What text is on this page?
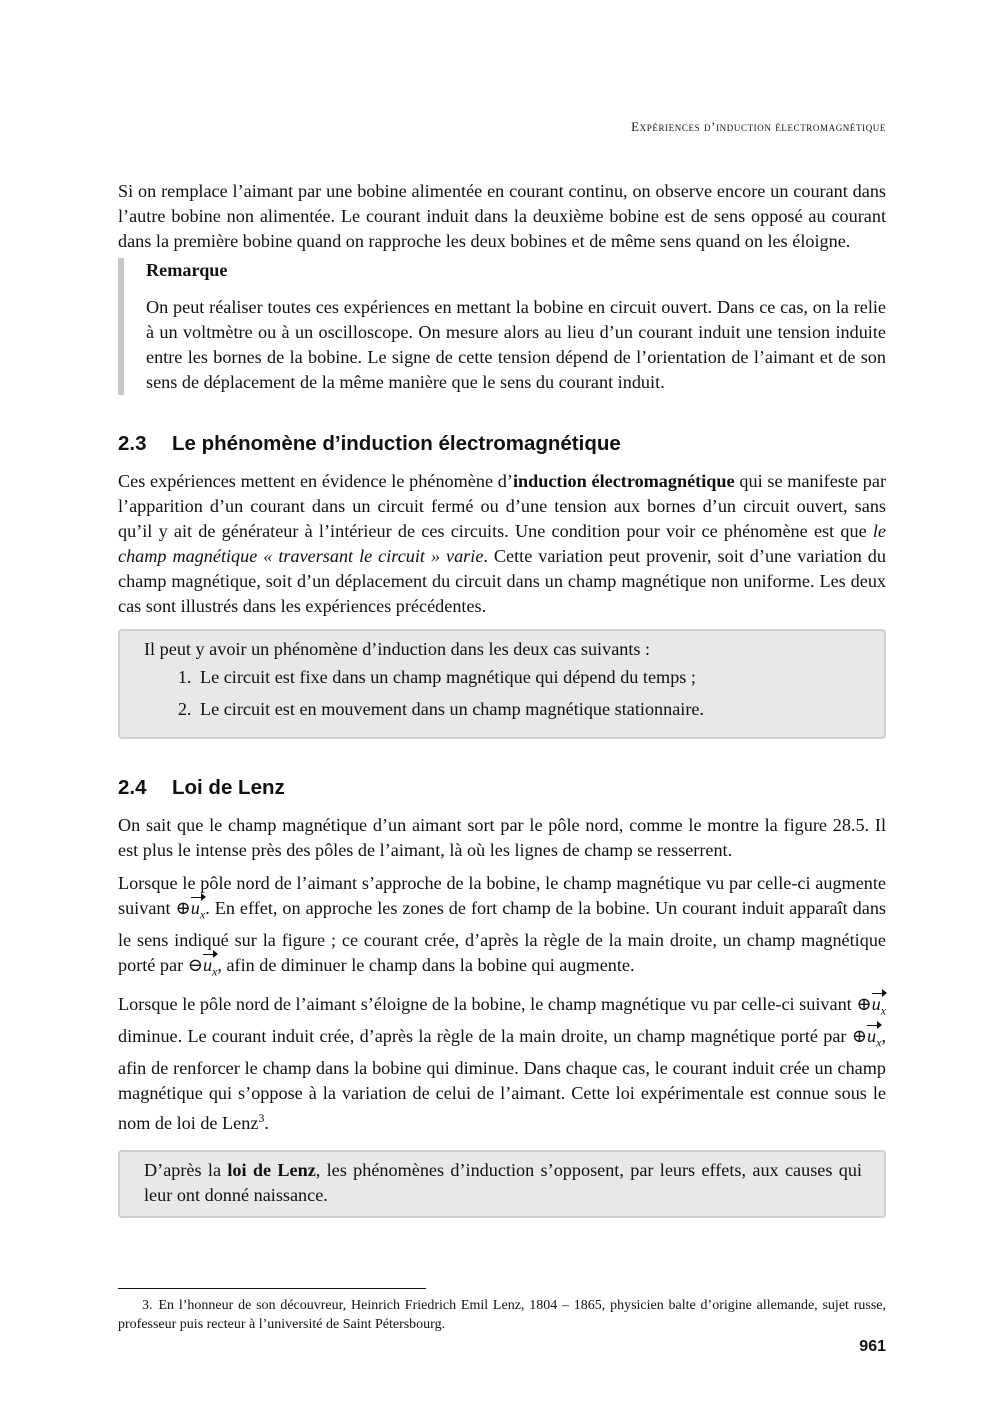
Expériences d’induction électromagnétique

Si on remplace l’aimant par une bobine alimentée en courant continu, on observe encore un courant dans l’autre bobine non alimentée. Le courant induit dans la deuxième bobine est de sens opposé au courant dans la première bobine quand on rapproche les deux bobines et de même sens quand on les éloigne.

Remarque

On peut réaliser toutes ces expériences en mettant la bobine en circuit ouvert. Dans ce cas, on la relie à un voltmètre ou à un oscilloscope. On mesure alors au lieu d’un courant induit une tension induite entre les bornes de la bobine. Le signe de cette tension dépend de l’orientation de l’aimant et de son sens de déplacement de la même manière que le sens du courant induit.

2.3 Le phénomène d’induction électromagnétique

Ces expériences mettent en évidence le phénomène d’induction électromagnétique qui se manifeste par l’apparition d’un courant dans un circuit fermé ou d’une tension aux bornes d’un circuit ouvert, sans qu’il y ait de générateur à l’intérieur de ces circuits. Une condition pour voir ce phénomène est que le champ magnétique « traversant le circuit » varie. Cette variation peut provenir, soit d’une variation du champ magnétique, soit d’un déplacement du circuit dans un champ magnétique non uniforme. Les deux cas sont illustrés dans les expériences précédentes.

Il peut y avoir un phénomène d’induction dans les deux cas suivants :
1. Le circuit est fixe dans un champ magnétique qui dépend du temps ;
2. Le circuit est en mouvement dans un champ magnétique stationnaire.
2.4 Loi de Lenz

On sait que le champ magnétique d’un aimant sort par le pôle nord, comme le montre la figure 28.5. Il est plus le intense près des pôles de l’aimant, là où les lignes de champ se resserrent.

Lorsque le pôle nord de l’aimant s’approche de la bobine, le champ magnétique vu par celle-ci augmente suivant $\oplus u_x$. En effet, on approche les zones de fort champ de la bobine. Un courant induit apparaît dans le sens indiqué sur la figure ; ce courant crée, d’après la règle de la main droite, un champ magnétique porté par $⊖u_x$, afin de diminuer le champ dans la bobine qui augmente.

Lorsque le pôle nord de l’aimant s’éloigne de la bobine, le champ magnétique vu par celle-ci suivant $\oplus u_x$ diminue. Le courant induit crée, d’après la règle de la main droite, un champ magnétique porté par $\oplus u_x$, afin de renforcer le champ dans la bobine qui diminue. Dans chaque cas, le courant induit crée un champ magnétique qui s’oppose à la variation de celui de l’aimant. Cette loi expérimentale est connue sous le nom de loi de Lenz$^3$.

D’après la loi de Lenz, les phénomènes d’induction s’opposent, par leurs effets, aux causes qui leur ont donné naissance.

3. En l’honneur de son découvreur, Heinrich Friedrich Emil Lenz, 1804 – 1865, physicien balte d’origine allemande, sujet russe, professeur puis recteur à l’université de Saint Pétersbourg.
961
